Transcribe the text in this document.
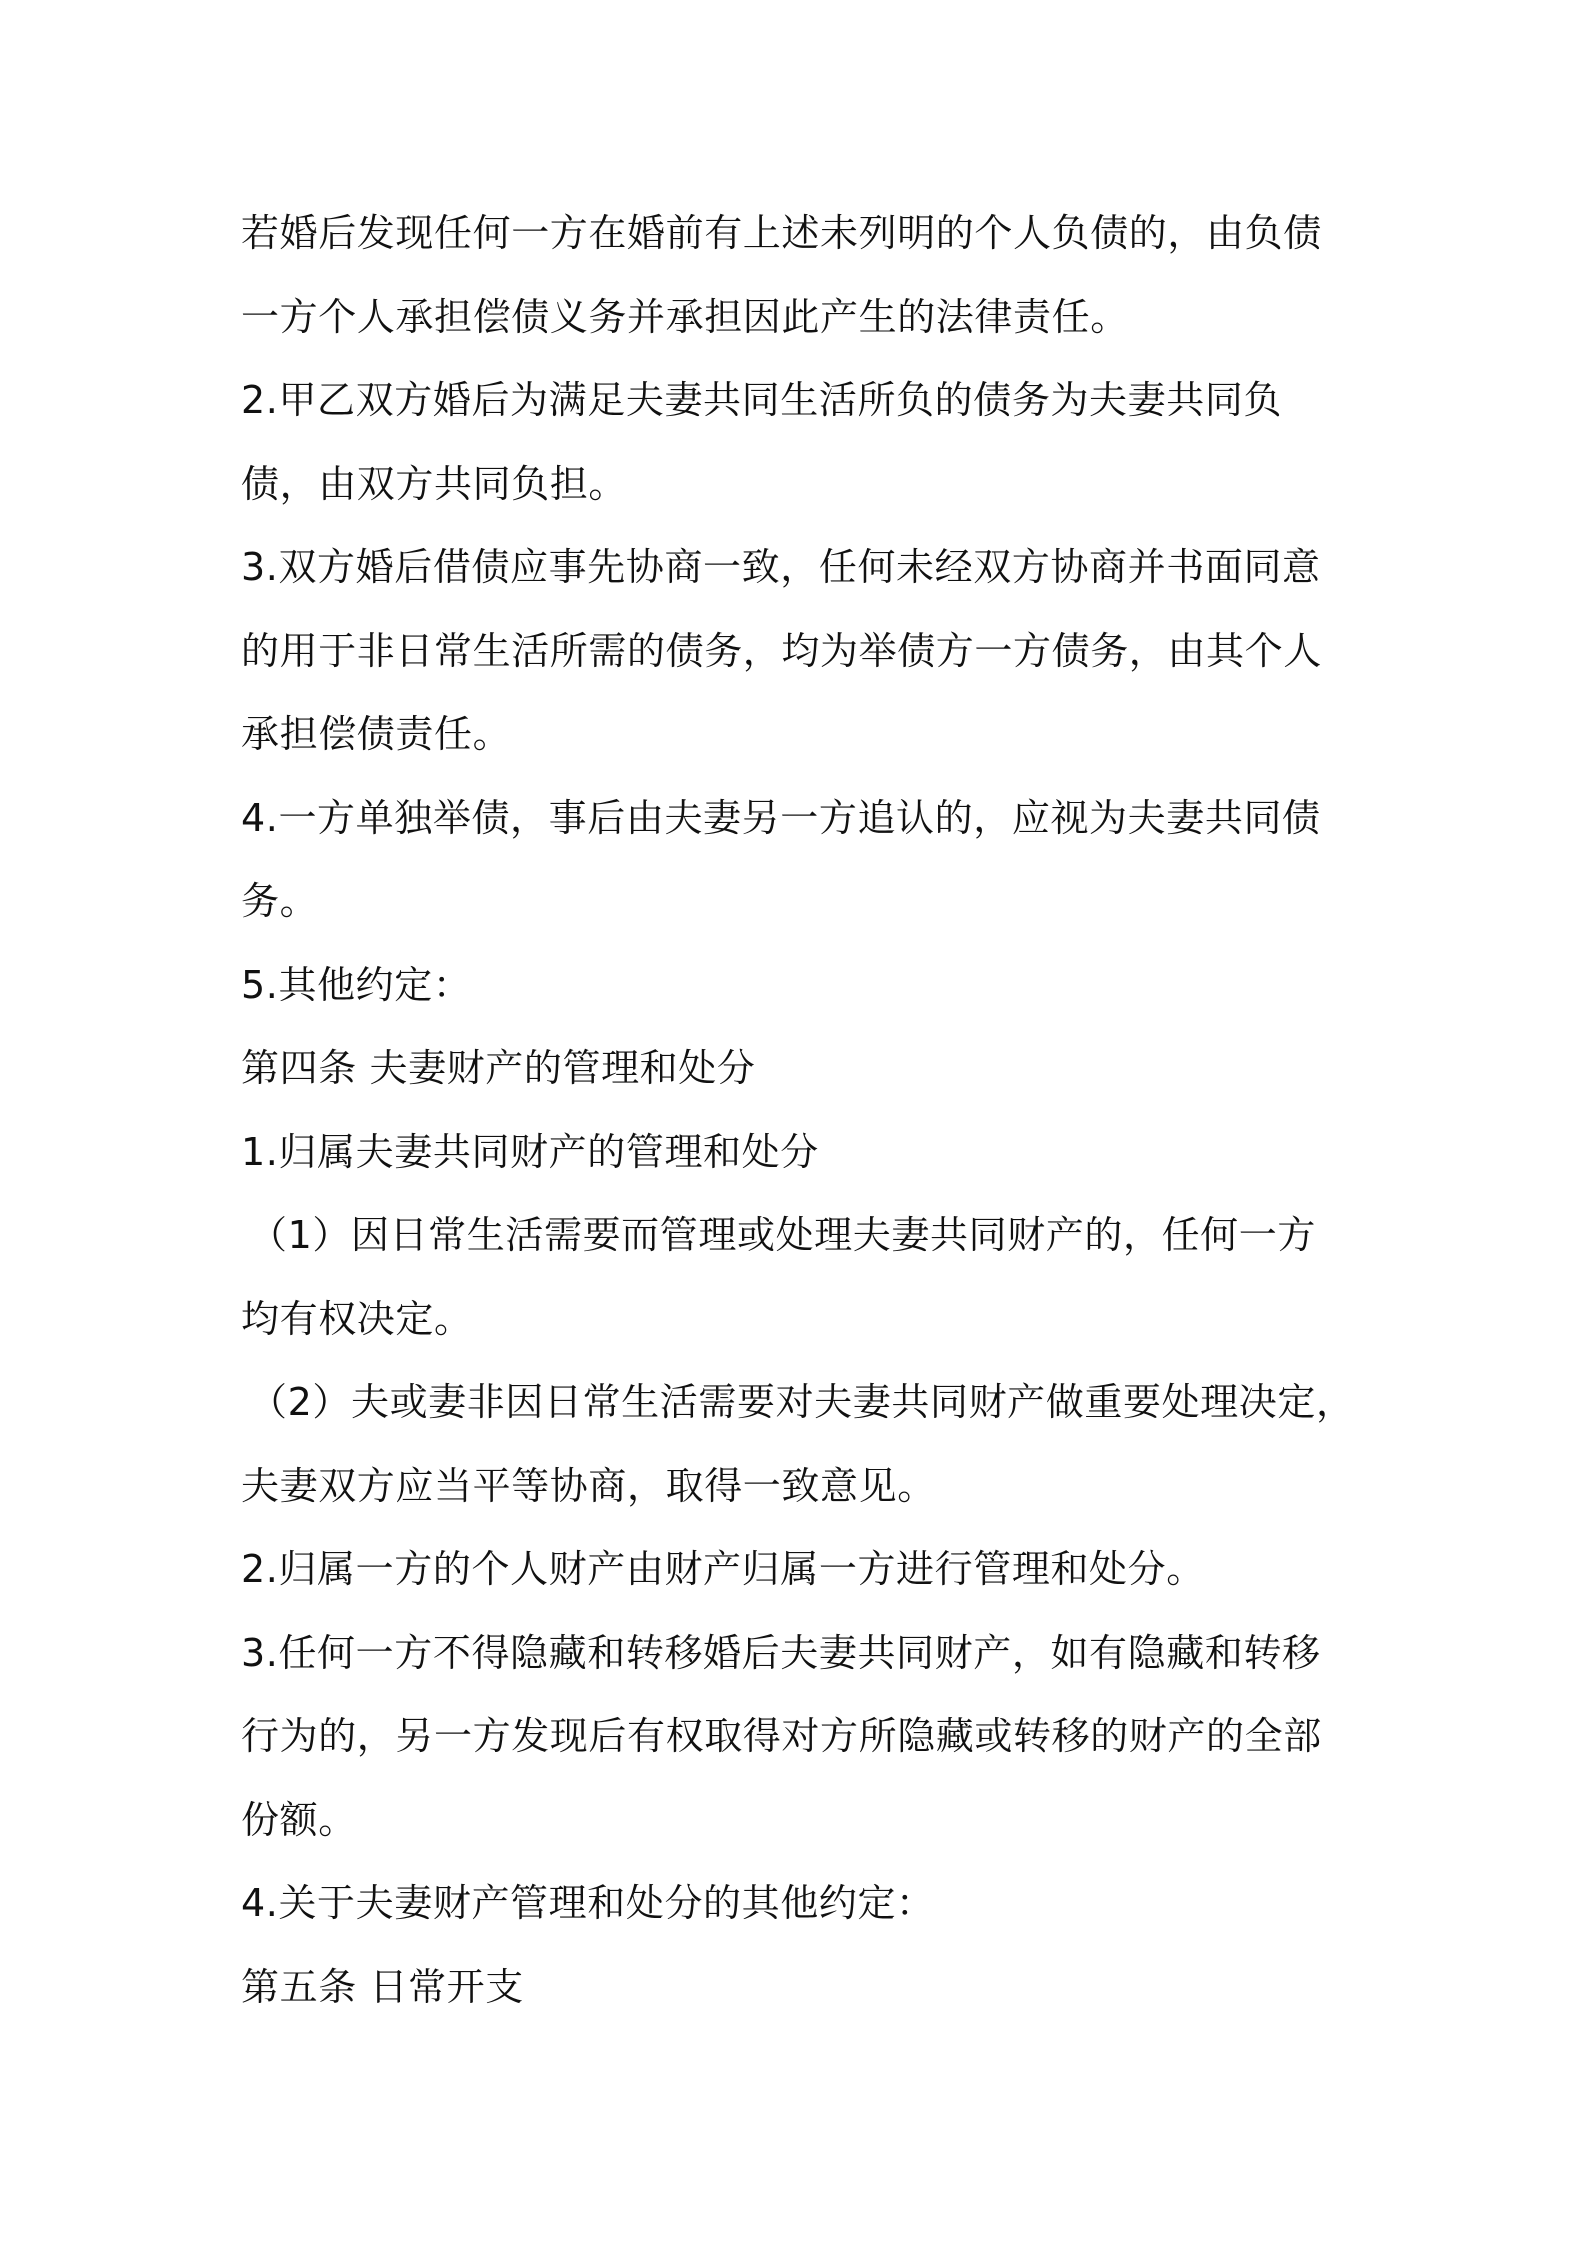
若婚后发现任何一方在婚前有上述未列明的个人负债的，由负债
一方个人承担偿债义务并承担因此产生的法律责任。
2.甲乙双方婚后为满足夫妻共同生活所负的债务为夫妻共同负
债，由双方共同负担。
3.双方婚后借债应事先协商一致，任何未经双方协商并书面同意
的用于非日常生活所需的债务，均为举债方一方债务，由其个人
承担偿债责任。
4.一方单独举债，事后由夫妻另一方追认的，应视为夫妻共同债
务。
5.其他约定：
第四条 夫妻财产的管理和处分
1.归属夫妻共同财产的管理和处分
（1）因日常生活需要而管理或处理夫妻共同财产的，任何一方
均有权决定。
（2）夫或妻非因日常生活需要对夫妻共同财产做重要处理决定，
夫妻双方应当平等协商，取得一致意见。
2.归属一方的个人财产由财产归属一方进行管理和处分。
3.任何一方不得隐藏和转移婚后夫妻共同财产，如有隐藏和转移
行为的，另一方发现后有权取得对方所隐藏或转移的财产的全部
份额。
4.关于夫妻财产管理和处分的其他约定：
第五条 日常开支
